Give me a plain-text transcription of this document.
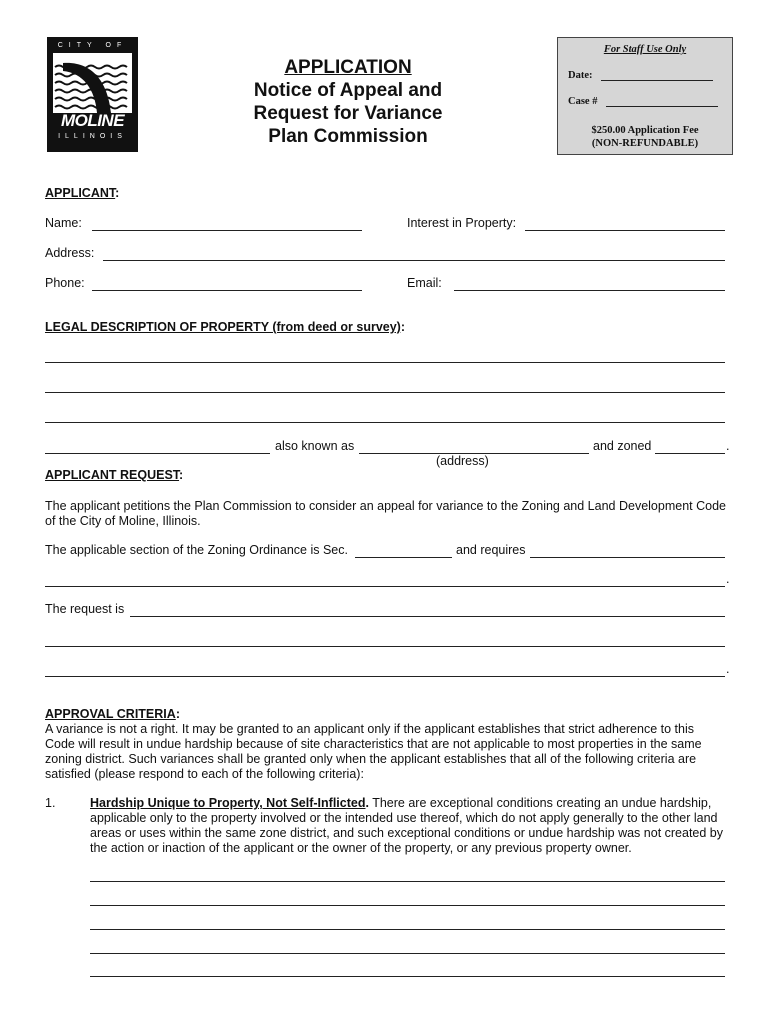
CITY OF
MOLINE
ILLINOIS
APPLICATION
Notice of Appeal and
Request for Variance
Plan Commission
For Staff Use Only
Date:
Case #
$250.00 Application Fee
(NON-REFUNDABLE)
APPLICANT:
Name:	Interest in Property:
Address:
Phone:	Email:
LEGAL DESCRIPTION OF PROPERTY (from deed or survey):
also known as	and zoned	.
(address)
APPLICANT REQUEST:
The applicant petitions the Plan Commission to consider an appeal for variance to the Zoning and Land Development Code of the City of Moline, Illinois.
The applicable section of the Zoning Ordinance is Sec.	and requires
.
The request is
.
APPROVAL CRITERIA:
A variance is not a right. It may be granted to an applicant only if the applicant establishes that strict adherence to this Code will result in undue hardship because of site characteristics that are not applicable to most properties in the same zoning district. Such variances shall be granted only when the applicant establishes that all of the following criteria are satisfied (please respond to each of the following criteria):
1.	Hardship Unique to Property, Not Self-Inflicted. There are exceptional conditions creating an undue hardship, applicable only to the property involved or the intended use thereof, which do not apply generally to the other land areas or uses within the same zone district, and such exceptional conditions or undue hardship was not created by the action or inaction of the applicant or the owner of the property, or any previous property owner.
